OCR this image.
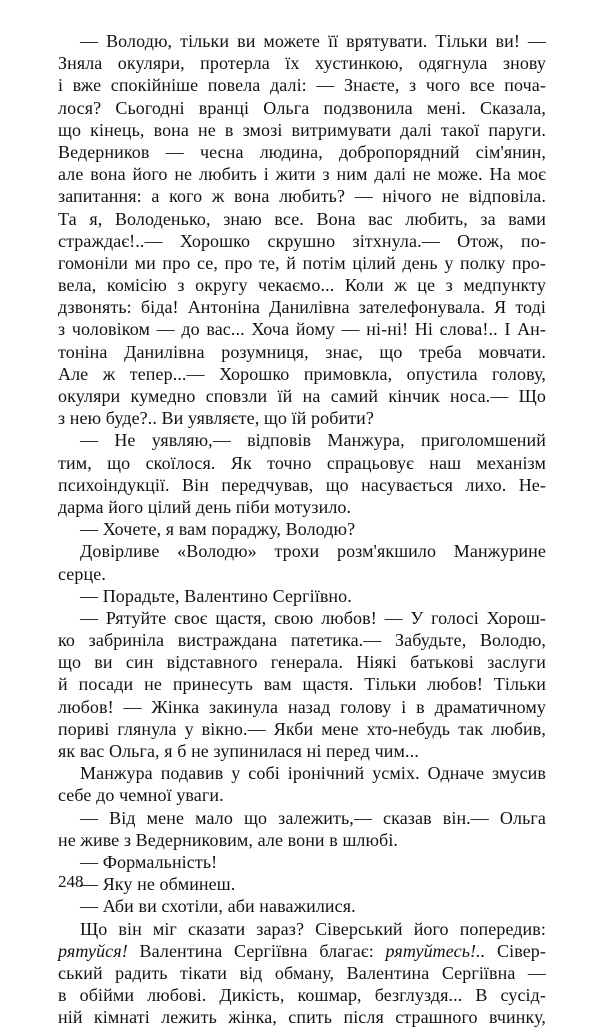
— Володю, тільки ви можете її врятувати. Тільки ви! —
Зняла окуляри, протерла їх хустинкою, одягнула знову
і вже спокійніше повела далі: — Знаєте, з чого все поча-
лося? Сьогодні вранці Ольга подзвонила мені. Сказала,
що кінець, вона не в змозі витримувати далі такої паруги.
Ведерников — чесна людина, добропорядний сім'янин,
але вона його не любить і жити з ним далі не може. На моє
запитання: а кого ж вона любить? — нічого не відповіла.
Та я, Володенько, знаю все. Вона вас любить, за вами
страждає!..— Хорошко скрушно зітхнула.— Отож, по-
гомоніли ми про се, про те, й потім цілий день у полку про-
вела, комісію з округу чекаємо... Коли ж це з медпункту
дзвонять: біда! Антоніна Данилівна зателефонувала. Я тоді
з чоловіком — до вас... Хоча йому — ні-ні! Ні слова!.. І Ан-
тоніна Данилівна розумниця, знає, що треба мовчати.
Але ж тепер...— Хорошко примовкла, опустила голову,
окуляри кумедно сповзли їй на самий кінчик носа.— Що
з нею буде?.. Ви уявляєте, що їй робити?
— Не уявляю,— відповів Манжура, приголомшений
тим, що скоїлося. Як точно спрацьовує наш механізм
психоіндукції. Він передчував, що насувається лихо. Не-
дарма його цілий день піби мотузило.
— Хочете, я вам пораджу, Володю?
Довірливе «Володю» трохи розм'якшило Манжурине
серце.
— Порадьте, Валентино Сергіївно.
— Рятуйте своє щастя, свою любов! — У голосі Хорош-
ко забриніла вистраждана патетика.— Забудьте, Володю,
що ви син відставного генерала. Ніякі батькові заслуги
й посади не принесуть вам щастя. Тільки любов! Тільки
любов! — Жінка закинула назад голову і в драматичному
пориві глянула у вікно.— Якби мене хто-небудь так любив,
як вас Ольга, я б не зупинилася ні перед чим...
Манжура подавив у собі іронічний усміх. Одначе змусив
себе до чемної уваги.
— Від мене мало що залежить,— сказав він.— Ольга
не живе з Ведерниковим, але вони в шлюбі.
— Формальність!
— Яку не обминеш.
— Аби ви схотіли, аби наважилися.
Що він міг сказати зараз? Сіверський його попередив:
рятуйся! Валентина Сергіївна благає: рятуйтесь!.. Сівер-
ський радить тікати від обману, Валентина Сергіївна —
в обійми любові. Дикість, кошмар, безглуздя... В сусід-
ній кімнаті лежить жінка, спить після страшного вчинку,
248
